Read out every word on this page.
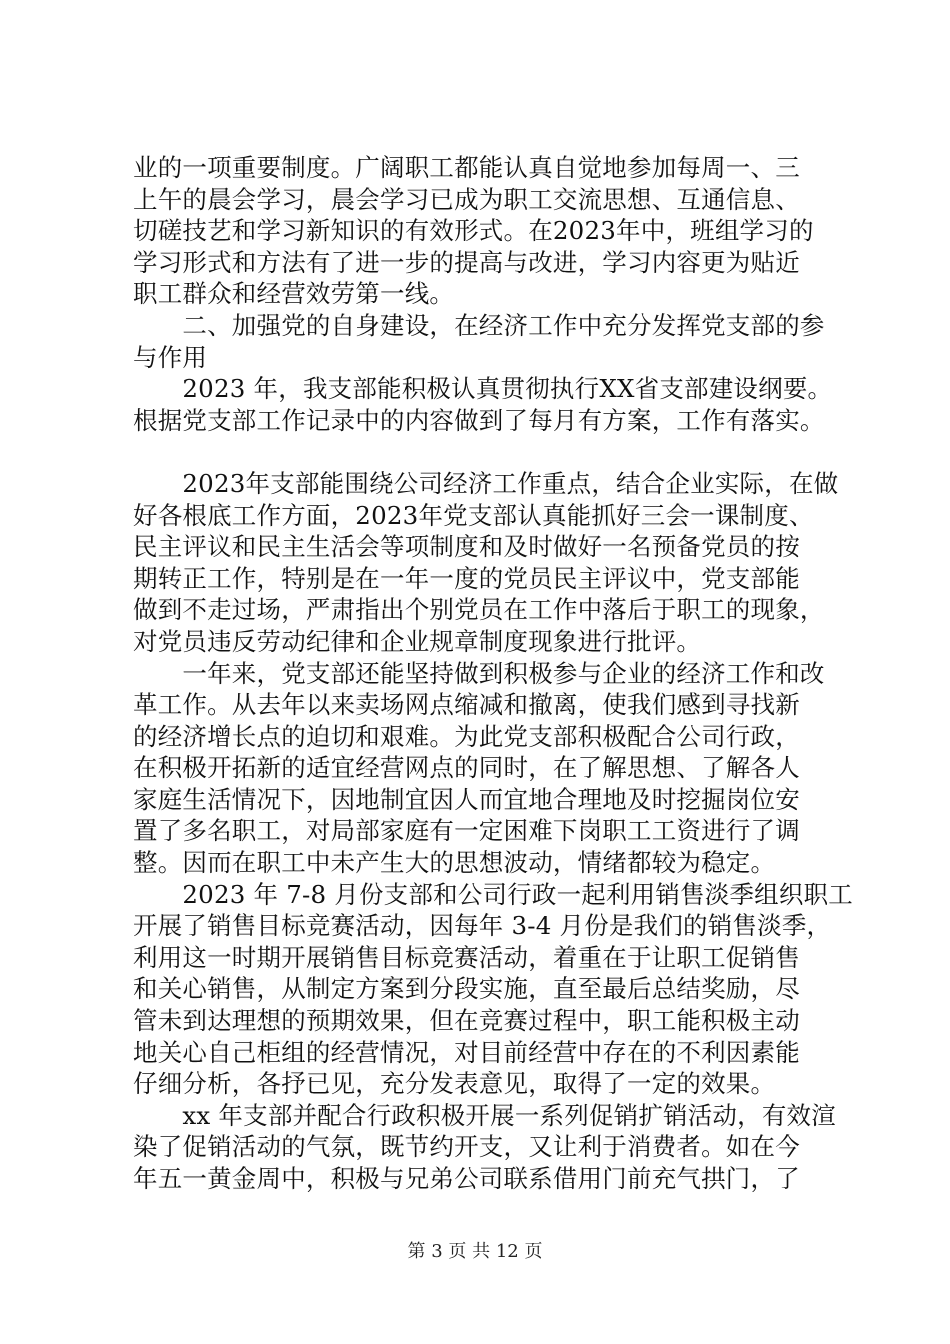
业的一项重要制度。广阔职工都能认真自觉地参加每周一、三
上午的晨会学习，晨会学习已成为职工交流思想、互通信息、
切磋技艺和学习新知识的有效形式。在2023年中，班组学习的
学习形式和方法有了进一步的提高与改进，学习内容更为贴近
职工群众和经营效劳第一线。
　　二、加强党的自身建设，在经济工作中充分发挥党支部的参
与作用
　　2023 年，我支部能积极认真贯彻执行XX省支部建设纲要。
根据党支部工作记录中的内容做到了每月有方案，工作有落实。
　　2023年支部能围绕公司经济工作重点，结合企业实际，在做
好各根底工作方面，2023年党支部认真能抓好三会一课制度、
民主评议和民主生活会等项制度和及时做好一名预备党员的按
期转正工作，特别是在一年一度的党员民主评议中，党支部能
做到不走过场，严肃指出个别党员在工作中落后于职工的现象，
对党员违反劳动纪律和企业规章制度现象进行批评。
　　一年来，党支部还能坚持做到积极参与企业的经济工作和改
革工作。从去年以来卖场网点缩减和撤离，使我们感到寻找新
的经济增长点的迫切和艰难。为此党支部积极配合公司行政，
在积极开拓新的适宜经营网点的同时，在了解思想、了解各人
家庭生活情况下，因地制宜因人而宜地合理地及时挖掘岗位安
置了多名职工，对局部家庭有一定困难下岗职工工资进行了调
整。因而在职工中未产生大的思想波动，情绪都较为稳定。
　　2023 年 7-8 月份支部和公司行政一起利用销售淡季组织职工
开展了销售目标竞赛活动，因每年 3-4 月份是我们的销售淡季，
利用这一时期开展销售目标竞赛活动，着重在于让职工促销售
和关心销售，从制定方案到分段实施，直至最后总结奖励，尽
管未到达理想的预期效果，但在竞赛过程中，职工能积极主动
地关心自己柜组的经营情况，对目前经营中存在的不利因素能
仔细分析，各抒已见，充分发表意见，取得了一定的效果。
　　xx 年支部并配合行政积极开展一系列促销扩销活动，有效渲
染了促销活动的气氛，既节约开支，又让利于消费者。如在今
年五一黄金周中，积极与兄弟公司联系借用门前充气拱门，了
第 3 页 共 12 页
